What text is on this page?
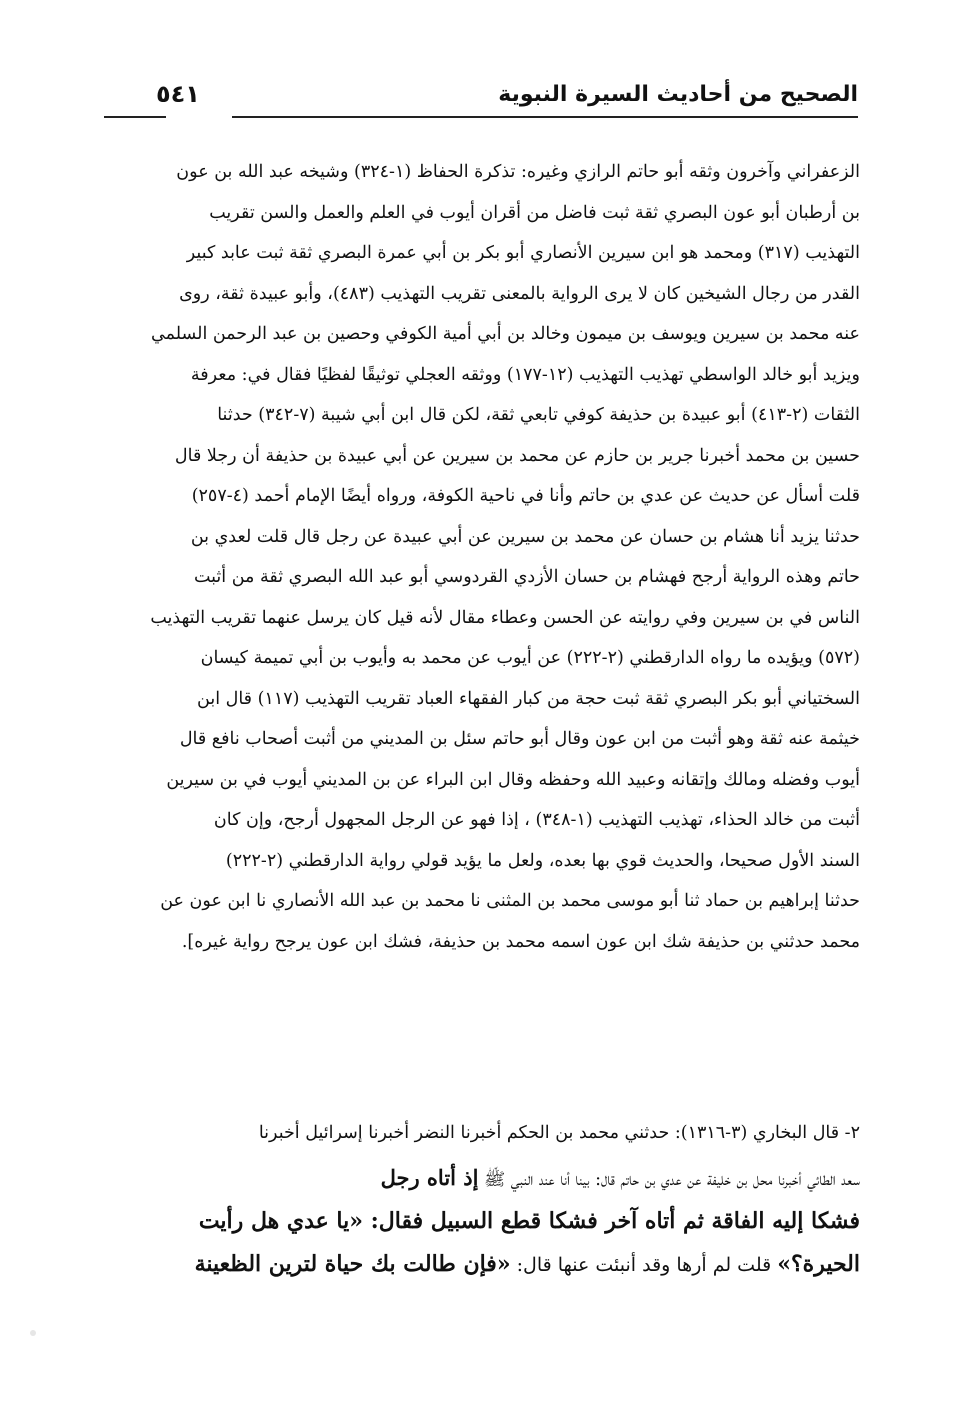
الصحيح من أحاديث السيرة النبوية
٥٤١
الزعفراني وآخرون وثقه أبو حاتم الرازي وغيره: تذكرة الحفاظ (١-٣٢٤) وشيخه عبد الله بن عون
بن أرطبان أبو عون البصري ثقة ثبت فاضل من أقران أيوب في العلم والعمل والسن تقريب
التهذيب (٣١٧) ومحمد هو ابن سيرين الأنصاري أبو بكر بن أبي عمرة البصري ثقة ثبت عابد كبير
القدر من رجال الشيخين كان لا يرى الرواية بالمعنى تقريب التهذيب (٤٨٣)، وأبو عبيدة ثقة، روى
عنه محمد بن سيرين ويوسف بن ميمون وخالد بن أبي أمية الكوفي وحصين بن عبد الرحمن السلمي
ويزيد أبو خالد الواسطي تهذيب التهذيب (١٢-١٧٧) ووثقه العجلي توثيقًا لفظيًا فقال في: معرفة
الثقات (٢-٤١٣) أبو عبيدة بن حذيفة كوفي تابعي ثقة، لكن قال ابن أبي شيبة (٧-٣٤٢) حدثنا
حسين بن محمد أخبرنا جرير بن حازم عن محمد بن سيرين عن أبي عبيدة بن حذيفة أن رجلا قال
قلت أسأل عن حديث عن عدي بن حاتم وأنا في ناحية الكوفة، ورواه أيضًا الإمام أحمد (٤-٢٥٧)
حدثنا يزيد أنا هشام بن حسان عن محمد بن سيرين عن أبي عبيدة عن رجل قال قلت لعدي بن
حاتم وهذه الرواية أرجح فهشام بن حسان الأزدي القردوسي أبو عبد الله البصري ثقة من أثبت
الناس في بن سيرين وفي روايته عن الحسن وعطاء مقال لأنه قيل كان يرسل عنهما تقريب التهذيب
(٥٧٢) ويؤيده ما رواه الدارقطني (٢-٢٢٢) عن أيوب عن محمد به وأيوب بن أبي تميمة كيسان
السختياني أبو بكر البصري ثقة ثبت حجة من كبار الفقهاء العباد تقريب التهذيب (١١٧) قال ابن
خيثمة عنه ثقة وهو أثبت من ابن عون وقال أبو حاتم سئل بن المديني من أثبت أصحاب نافع قال
أيوب وفضله ومالك وإتقانه وعبيد الله وحفظه وقال ابن البراء عن بن المديني أيوب في بن سيرين
أثبت من خالد الحذاء، تهذيب التهذيب (١-٣٤٨) ، إذا فهو عن الرجل المجهول أرجح، وإن كان
السند الأول صحيحا، والحديث قوي بها بعده، ولعل ما يؤيد قولي رواية الدارقطني (٢-٢٢٢)
حدثنا إبراهيم بن حماد ثنا أبو موسى محمد بن المثنى نا محمد بن عبد الله الأنصاري نا ابن عون عن
محمد حدثني بن حذيفة شك ابن عون اسمه محمد بن حذيفة، فشك ابن عون يرجح رواية غيره].
٢- قال البخاري (٣-١٣١٦): حدثني محمد بن الحكم أخبرنا النضر أخبرنا إسرائيل أخبرنا
سعد الطائي أخبرنا محل بن خليفة عن عدي بن حاتم قال: بينا أنا عند النبي ﷺ إذ أتاه رجل
فشكا إليه الفاقة ثم أتاه آخر فشكا قطع السبيل فقال: «يا عدي هل رأيت
الحيرة؟» قلت لم أرها وقد أنبئت عنها قال: «فإن طالت بك حياة لترين الظعينة
